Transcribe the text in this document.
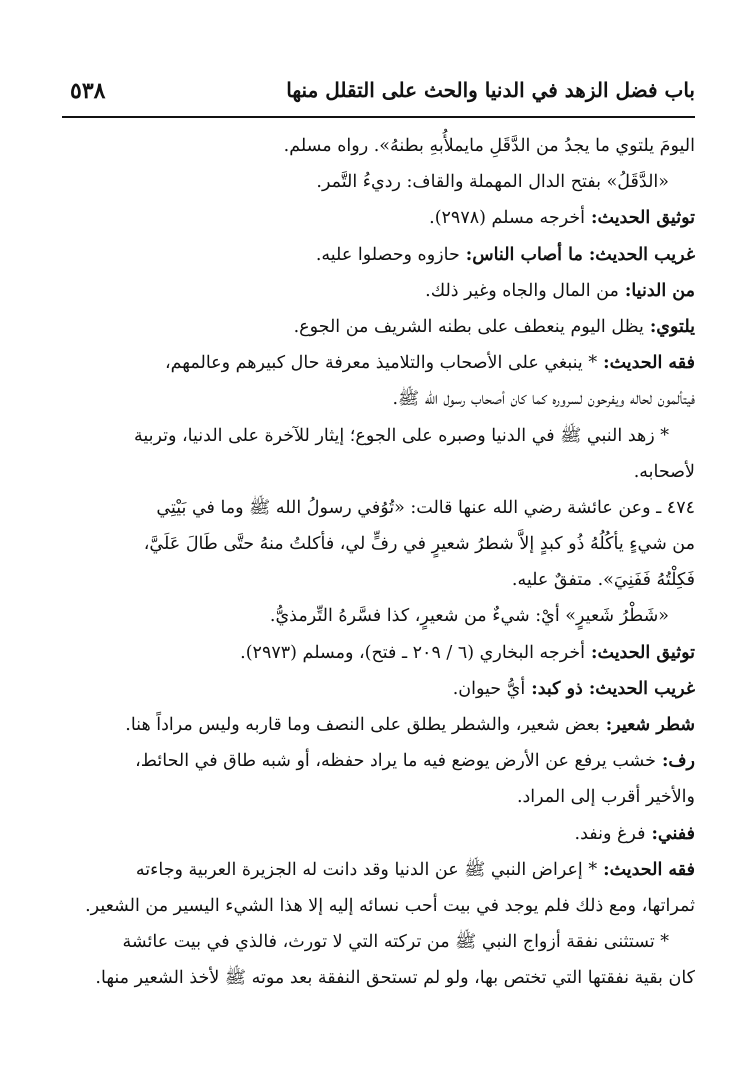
٥٣٨	باب فضل الزهد في الدنيا والحث على التقلل منها
اليومَ يلتوي ما يجدُ من الدَّقَلِ مايملأُبهِ بطنهُ». رواه مسلم.
«الدَّقَلُ» بفتح الدال المهملة والقاف: رديءُ التَّمر.
توثيق الحديث:أخرجه مسلم (٢٩٧٨).
غريب الحديث:ما أصاب الناس:حازوه وحصلوا عليه.
من الدنيا:من المال والجاه وغير ذلك.
يلتوي:يظل اليوم ينعطف على بطنه الشريف من الجوع.
فقه الحديث:* ينبغي على الأصحاب والتلاميذ معرفة حال كبيرهم وعالمهم،
فيتألمون لحاله ويفرحون لسروره كما كان أصحاب رسول الله ﷺ.
* زهد النبي ﷺ في الدنيا وصبره على الجوع؛ إيثار للآخرة على الدنيا، وتربية
لأصحابه.
٤٧٤ ـ وعن عائشة رضي الله عنها قالت: «تُوُفي رسولُ الله ﷺ وما في بَيْتِي
من شيءٍ يأكُلُهُ ذُو كبدٍ إلاَّ شطرُ شعيرٍ في رفٍّ لي، فأكلتُ منهُ حتَّى طَالَ عَلَيَّ،
فَكِلْتُهُ فَفَنِيَ». متفقٌ عليه.
«شَطْرُ شَعيرٍ» أيْ: شيءٌ من شعيرٍ، كذا فسَّرهُ التِّرمذيُّ.
توثيق الحديث:أخرجه البخاري (٦ / ٢٠٩ ـ فتح)، ومسلم (٢٩٧٣).
غريب الحديث:ذو كبد:أيُّ حيوان.
شطر شعير:بعض شعير، والشطر يطلق على النصف وما قاربه وليس مراداً هنا.
رف:خشب يرفع عن الأرض يوضع فيه ما يراد حفظه، أو شبه طاق في الحائط،
والأخير أقرب إلى المراد.
ففني:فرغ ونفد.
فقه الحديث:* إعراض النبي ﷺ عن الدنيا وقد دانت له الجزيرة العربية وجاءته
ثمراتها، ومع ذلك فلم يوجد في بيت أحب نسائه إليه إلا هذا الشيء اليسير من الشعير.
* تستثنى نفقة أزواج النبي ﷺ من تركته التي لا تورث، فالذي في بيت عائشة
كان بقية نفقتها التي تختص بها، ولو لم تستحق النفقة بعد موته ﷺ لأخذ الشعير منها.
